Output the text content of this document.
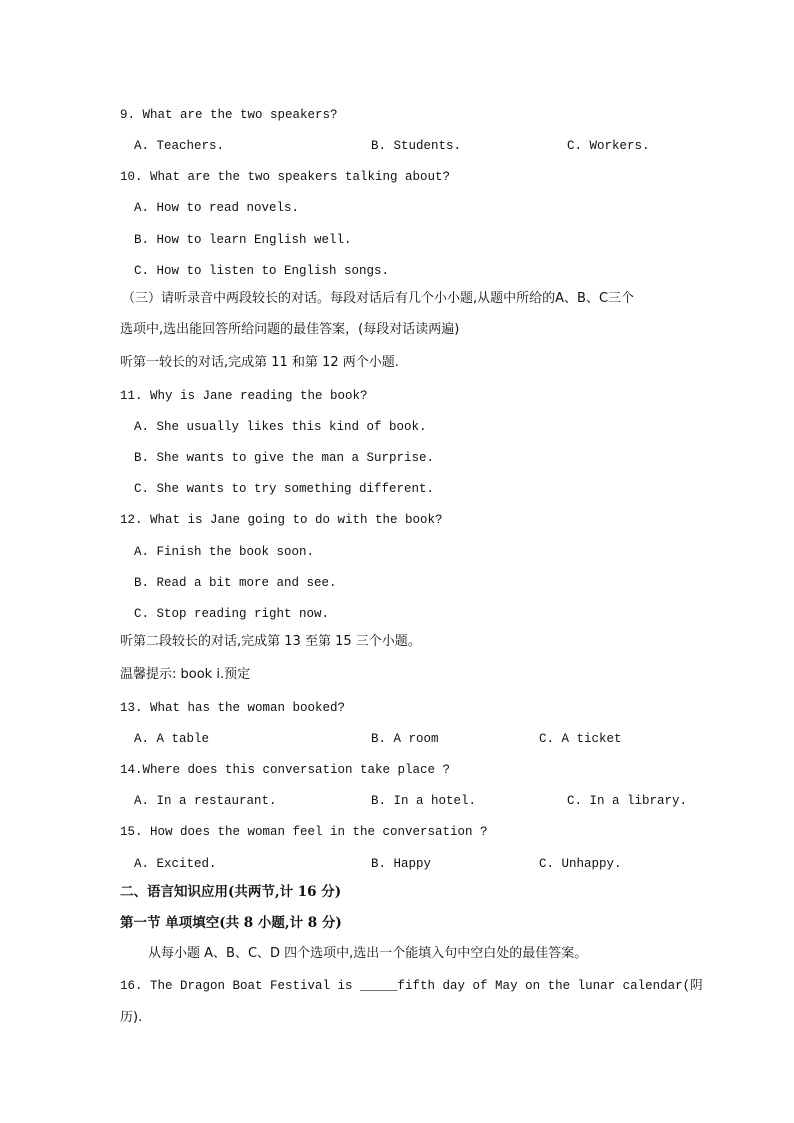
9. What are the two speakers?
A. Teachers.	B. Students.	C. Workers.
10. What are the two speakers talking about?
A. How to read novels.
B. How to learn English well.
C. How to listen to English songs.
（三）请听录音中两段较长的对话。每段对话后有几个小小题,从题中所给的A、B、C三个
选项中,选出能回答所给问题的最佳答案，(每段对话读两遍)
听第一较长的对话,完成第 11 和第 12 两个小题.
11. Why is Jane reading the book?
A. She usually likes this kind of book.
B. She wants to give the man a Surprise.
C. She wants to try something different.
12. What is Jane going to do with the book?
A. Finish the book soon.
B. Read a bit more and see.
C. Stop reading right now.
听第二段较长的对话,完成第 13 至第 15 三个小题。
温馨提示: book i.预定
13. What has the woman booked?
A. A table	B. A room	C. A ticket
14.Where does this conversation take place ?
A. In a restaurant.	B. In a hotel.	C. In a library.
15. How does the woman feel in the conversation ?
A. Excited.	B. Happy	C. Unhappy.
二、语言知识应用(共两节,计 16 分)
第一节 单项填空(共 8 小题,计 8 分)
从每小题 A、B、C、D 四个选项中,选出一个能填入句中空白处的最佳答案。
16. The Dragon Boat Festival is _____fifth day of May on the lunar calendar(阴
历).
